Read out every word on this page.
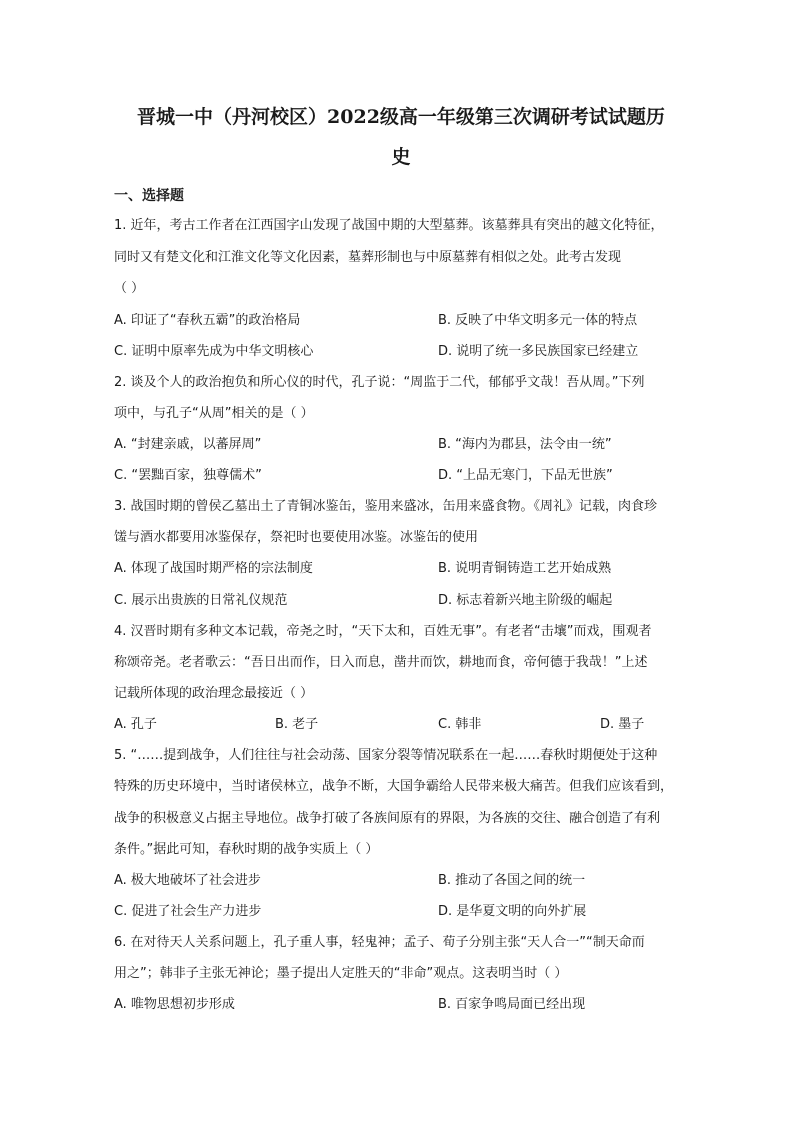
晋城一中（丹河校区）2022级高一年级第三次调研考试试题历
史
一、选择题
1. 近年，考古工作者在江西国字山发现了战国中期的大型墓葬。该墓葬具有突出的越文化特征，
同时又有楚文化和江淮文化等文化因素，墓葬形制也与中原墓葬有相似之处。此考古发现
（ ）
A. 印证了“春秋五霸”的政治格局	B. 反映了中华文明多元一体的特点
C. 证明中原率先成为中华文明核心	D. 说明了统一多民族国家已经建立
2. 谈及个人的政治抱负和所心仪的时代，孔子说：“周监于二代，郁郁乎文哉！吾从周。”下列
项中，与孔子“从周”相关的是（ ）
A. “封建亲戚，以蕃屏周”	B. “海内为郡县，法令由一统”
C. “罢黜百家，独尊儒术”	D. “上品无寒门，下品无世族”
3. 战国时期的曾侯乙墓出土了青铜冰鉴缶，鉴用来盛冰，缶用来盛食物。《周礼》记载，肉食珍
馐与酒水都要用冰鉴保存，祭祀时也要使用冰鉴。冰鉴缶的使用
A. 体现了战国时期严格的宗法制度	B. 说明青铜铸造工艺开始成熟
C. 展示出贵族的日常礼仪规范	D. 标志着新兴地主阶级的崛起
4. 汉晋时期有多种文本记载，帝尧之时，“天下太和，百姓无事”。有老者“击壤”而戏，围观者
称颂帝尧。老者歌云：“吾日出而作，日入而息，凿井而饮，耕地而食，帝何德于我哉！”上述
记载所体现的政治理念最接近（ ）
A. 孔子	B. 老子	C. 韩非	D. 墨子
5. “……提到战争，人们往往与社会动荡、国家分裂等情况联系在一起……春秋时期便处于这种
特殊的历史环境中，当时诸侯林立，战争不断，大国争霸给人民带来极大痛苦。但我们应该看到，
战争的积极意义占据主导地位。战争打破了各族间原有的界限，为各族的交往、融合创造了有利
条件。”据此可知，春秋时期的战争实质上（ ）
A. 极大地破坏了社会进步	B. 推动了各国之间的统一
C. 促进了社会生产力进步	D. 是华夏文明的向外扩展
6. 在对待天人关系问题上，孔子重人事，轻鬼神；孟子、荀子分别主张“天人合一”“制天命而
用之”；韩非子主张无神论；墨子提出人定胜天的“非命”观点。这表明当时（ ）
A. 唯物思想初步形成	B. 百家争鸣局面已经出现
